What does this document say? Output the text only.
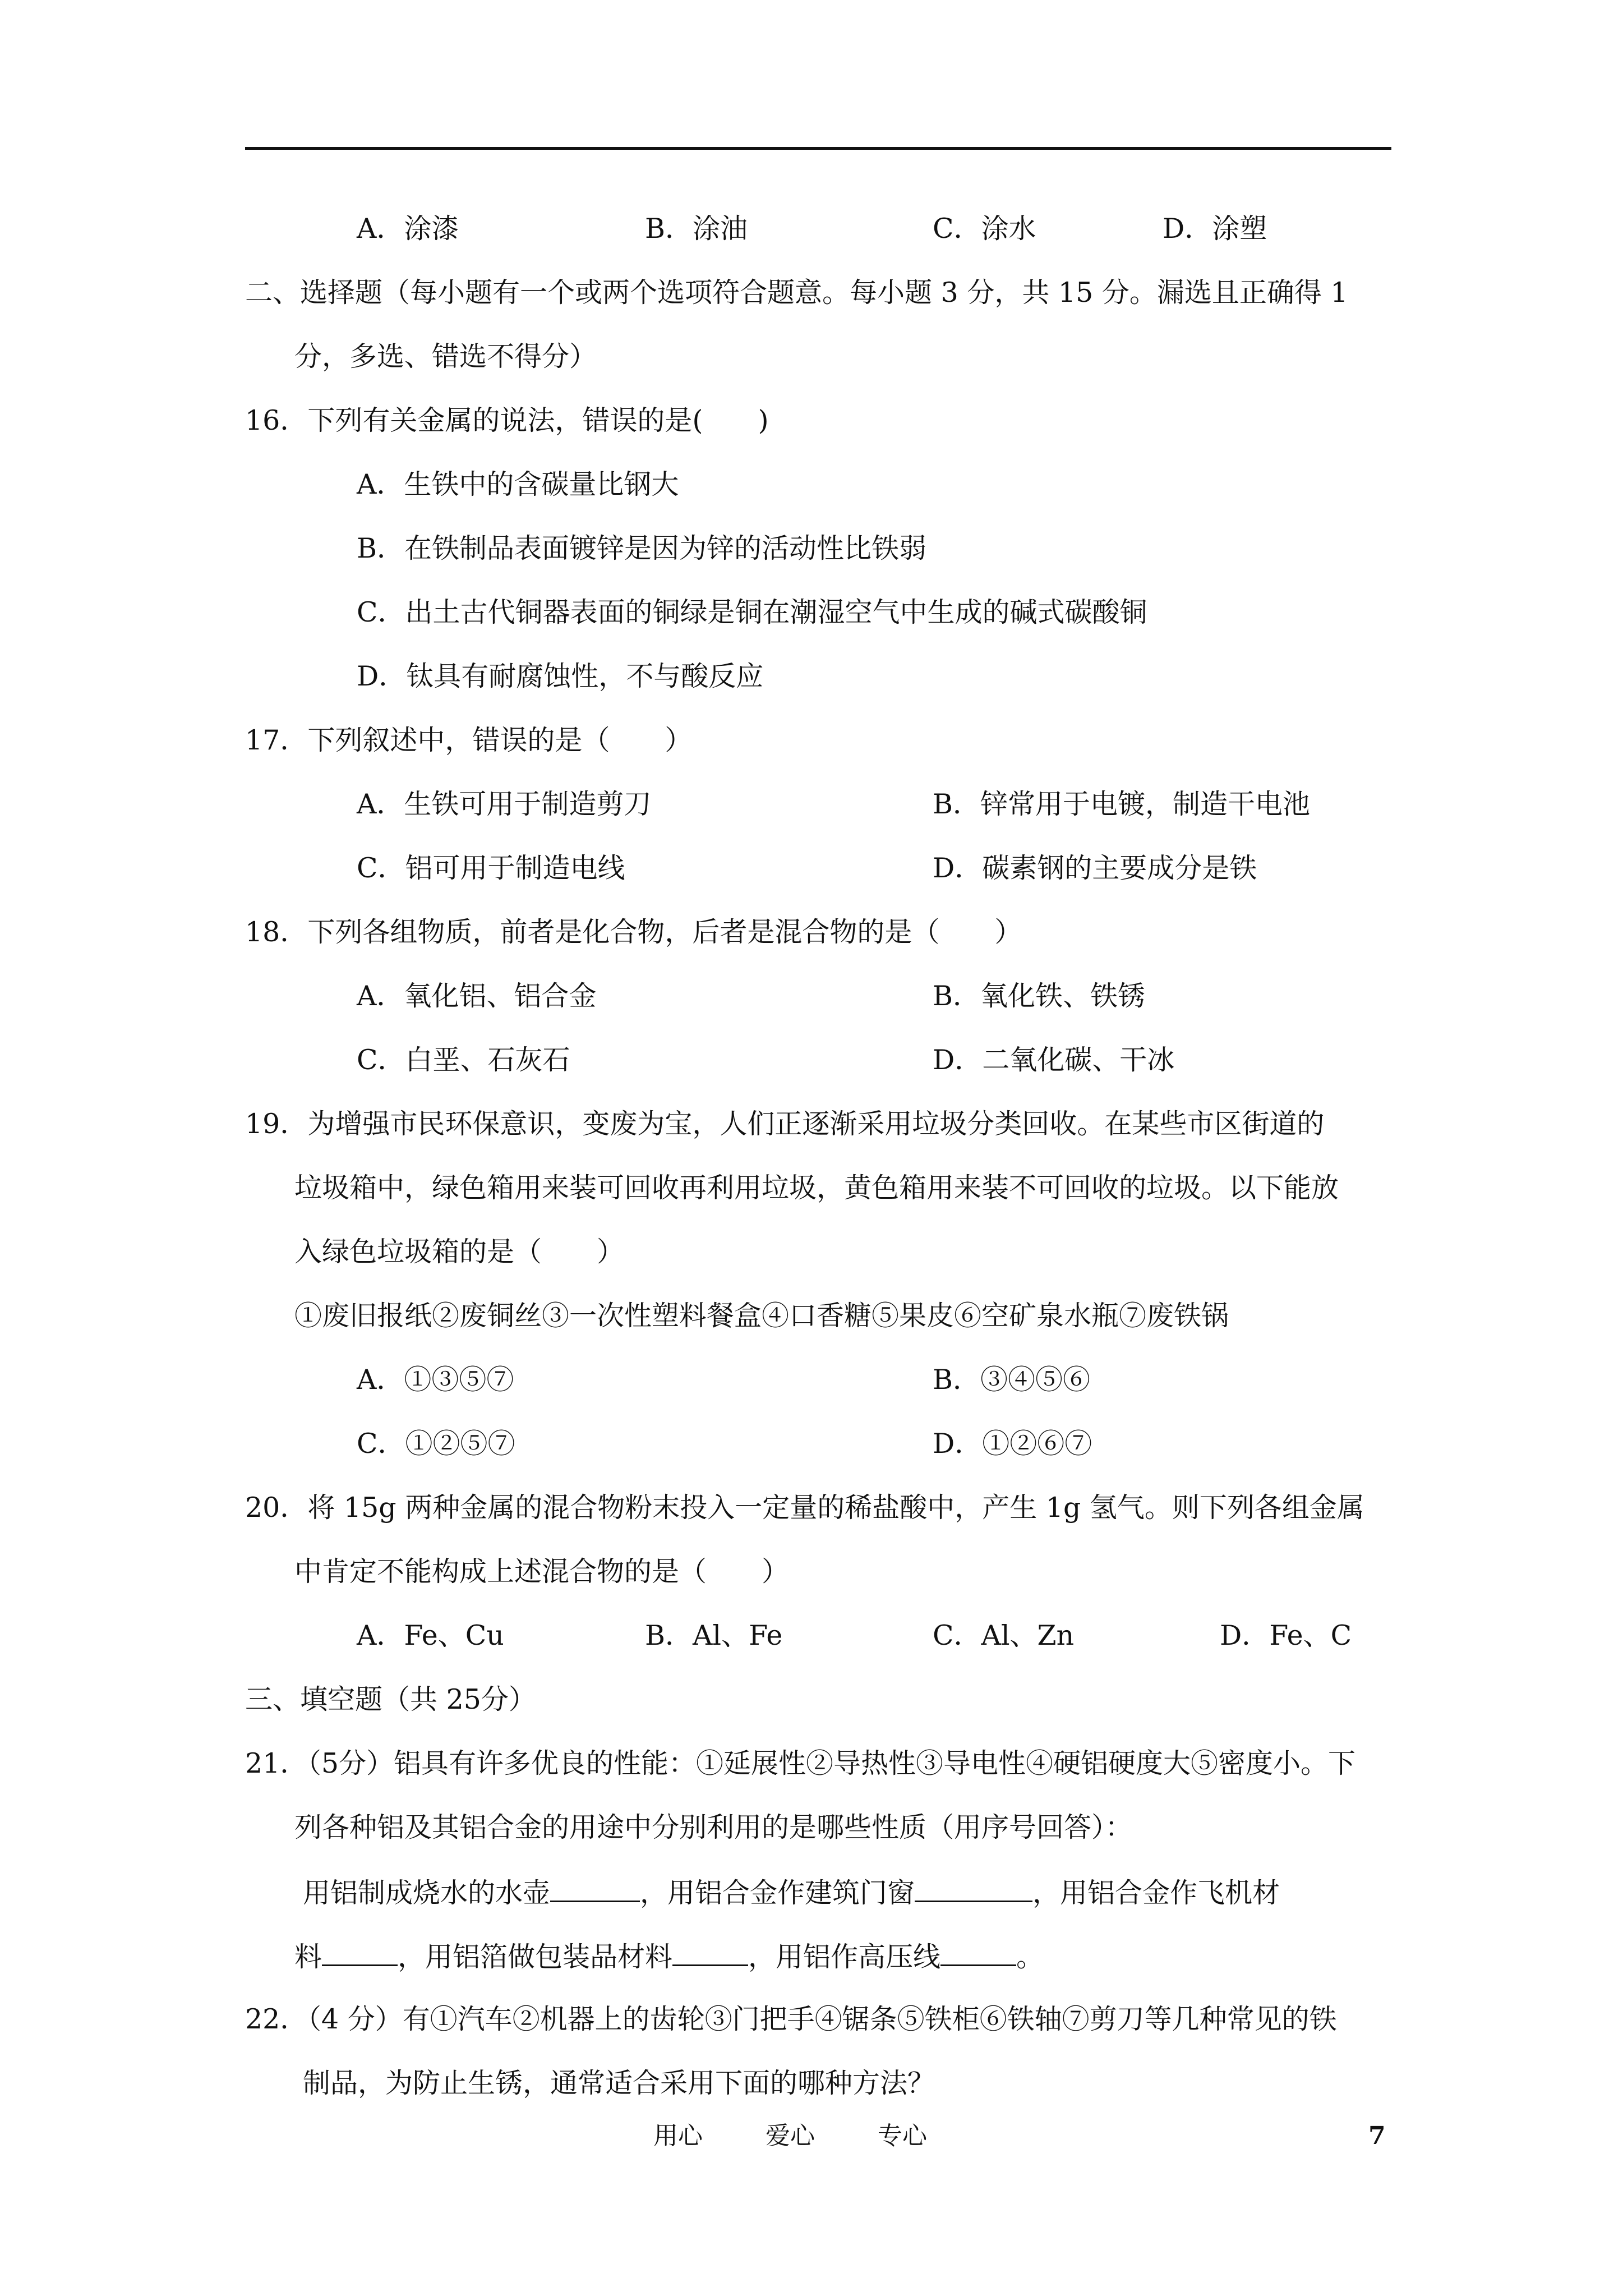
A．涂漆	B．涂油	C．涂水	D．涂塑
二、选择题（每小题有一个或两个选项符合题意。每小题 3 分，共 15 分。漏选且正确得 1
分，多选、错选不得分）
16．下列有关金属的说法，错误的是(　　)
A．生铁中的含碳量比钢大
B．在铁制品表面镀锌是因为锌的活动性比铁弱
C．出土古代铜器表面的铜绿是铜在潮湿空气中生成的碱式碳酸铜
D．钛具有耐腐蚀性，不与酸反应
17．下列叙述中，错误的是（　　）
A．生铁可用于制造剪刀	B．锌常用于电镀，制造干电池
C．铝可用于制造电线	D．碳素钢的主要成分是铁
18．下列各组物质，前者是化合物，后者是混合物的是（　　）
A．氧化铝、铝合金	B．氧化铁、铁锈
C．白垩、石灰石	D．二氧化碳、干冰
19．为增强市民环保意识，变废为宝，人们正逐渐采用垃圾分类回收。在某些市区街道的
垃圾箱中，绿色箱用来装可回收再利用垃圾，黄色箱用来装不可回收的垃圾。以下能放
入绿色垃圾箱的是（　　）
①废旧报纸②废铜丝③一次性塑料餐盒④口香糖⑤果皮⑥空矿泉水瓶⑦废铁锅
A．①③⑤⑦	B．③④⑤⑥
C．①②⑤⑦	D．①②⑥⑦
20．将 15g 两种金属的混合物粉末投入一定量的稀盐酸中，产生 1g 氢气。则下列各组金属
中肯定不能构成上述混合物的是（　　）
A．Fe、Cu	B．Al、Fe	C．Al、Zn	D．Fe、C
三、填空题（共 25分）
21．（5分）铝具有许多优良的性能：①延展性②导热性③导电性④硬铝硬度大⑤密度小。下
列各种铝及其铝合金的用途中分别利用的是哪些性质（用序号回答）：
用铝制成烧水的水壶	，用铝合金作建筑门窗	，用铝合金作飞机材
料	，用铝箔做包装品材料	，用铝作高压线	。
22．（4 分）有①汽车②机器上的齿轮③门把手④锯条⑤铁柜⑥铁轴⑦剪刀等几种常见的铁
制品，为防止生锈，通常适合采用下面的哪种方法？
用心	爱心	专心	7
